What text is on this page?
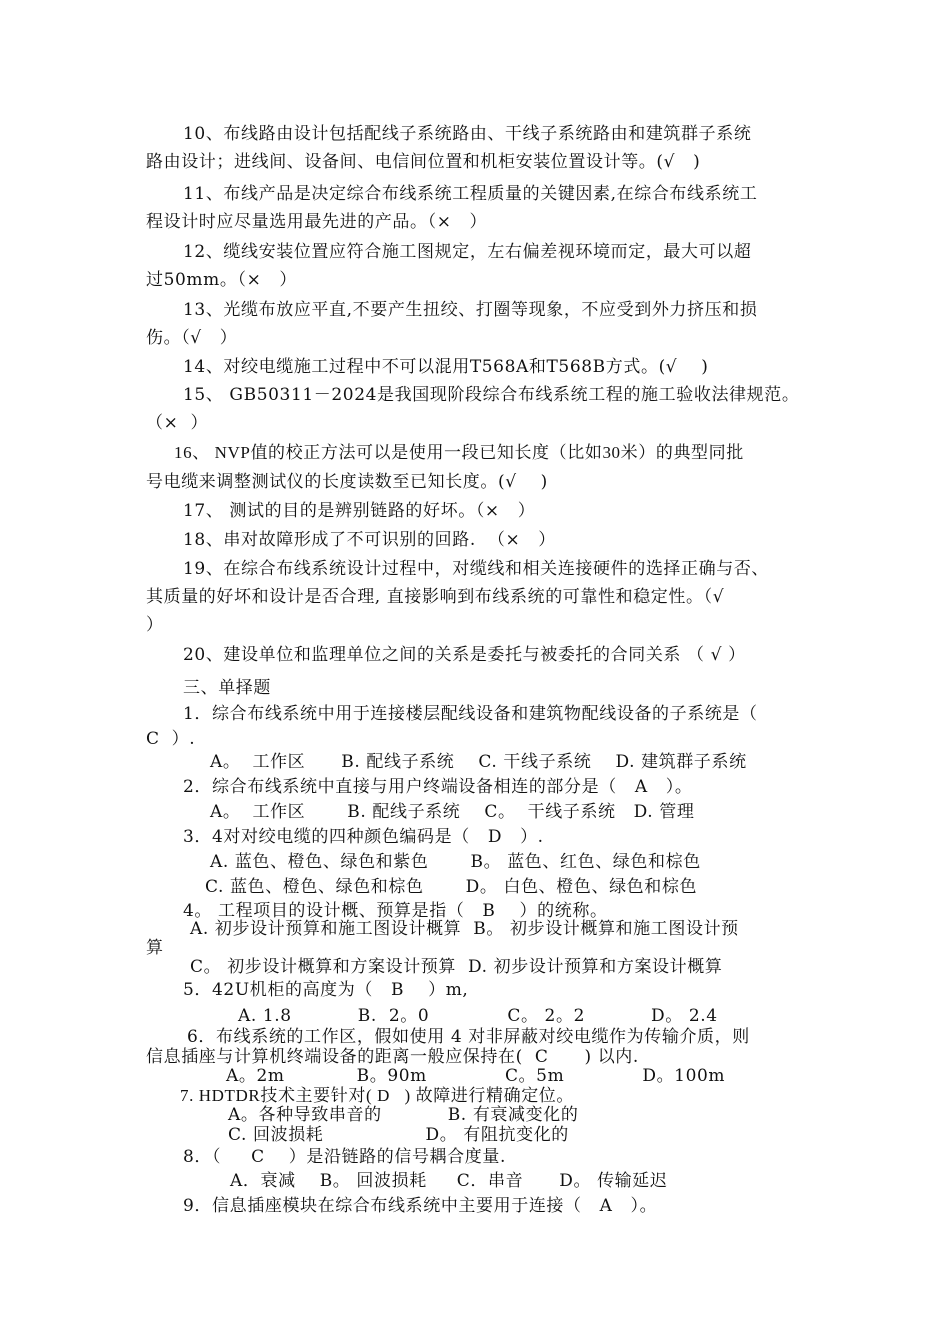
10、布线路由设计包括配线子系统路由、干线子系统路由和建筑群子系统
路由设计；进线间、设备间、电信间位置和机柜安装位置设计等。(√   )
11、布线产品是决定综合布线系统工程质量的关键因素,在综合布线系统工
程设计时应尽量选用最先进的产品。（×   ）
12、缆线安装位置应符合施工图规定，左右偏差视环境而定，最大可以超
过50mm。（×   ）
13、光缆布放应平直,不要产生扭绞、打圈等现象，不应受到外力挤压和损
伤。（√   ）
14、对绞电缆施工过程中不可以混用T568A和T568B方式。(√    )
15、 GB50311－2024是我国现阶段综合布线系统工程的施工验收法律规范。
（×  ）
16、 NVP值的校正方法可以是使用一段已知长度（比如30米）的典型同批
号电缆来调整测试仪的长度读数至已知长度。(√    )
17、 测试的目的是辨别链路的好坏。（×   ）
18、串对故障形成了不可识别的回路.  （×   ）
19、在综合布线系统设计过程中，对缆线和相关连接硬件的选择正确与否、
其质量的好坏和设计是否合理, 直接影响到布线系统的可靠性和稳定性。（√
）
20、建设单位和监理单位之间的关系是委托与被委托的合同关系 （ √ ）
三、单择题
1．综合布线系统中用于连接楼层配线设备和建筑物配线设备的子系统是（
C  ）.
A。  工作区      B. 配线子系统    C. 干线子系统    D. 建筑群子系统
2．综合布线系统中直接与用户终端设备相连的部分是（   A   ）。
A。  工作区       B. 配线子系统    C。  干线子系统   D. 管理
3．4对对绞电缆的四种颜色编码是（   D   ）.
A. 蓝色、橙色、绿色和紫色       B。 蓝色、红色、绿色和棕色
C. 蓝色、橙色、绿色和棕色       D。 白色、橙色、绿色和棕色
4。 工程项目的设计概、预算是指（   B    ）的统称。
A. 初步设计预算和施工图设计概算  B。 初步设计概算和施工图设计预
算
C。 初步设计概算和方案设计预算  D. 初步设计预算和方案设计概算
5．42U机柜的高度为（   B    ）m,
A. 1.8           B.  2。0             C。 2。2           D。 2.4
6．布线系统的工作区，假如使用 4 对非屏蔽对绞电缆作为传输介质，则
信息插座与计算机终端设备的距离一般应保持在(  C      ) 以内.
A。2m            B。90m             C。5m             D。100m
7. HDTDR技术主要针对( D   ) 故障进行精确定位。
A。各种导致串音的           B. 有衰减变化的
C. 回波损耗                 D。 有阻抗变化的
8．（     C    ）是沿链路的信号耦合度量.
A．衰减    B。 回波损耗     C．串音      D。 传输延迟
9．信息插座模块在综合布线系统中主要用于连接（   A   ）。
